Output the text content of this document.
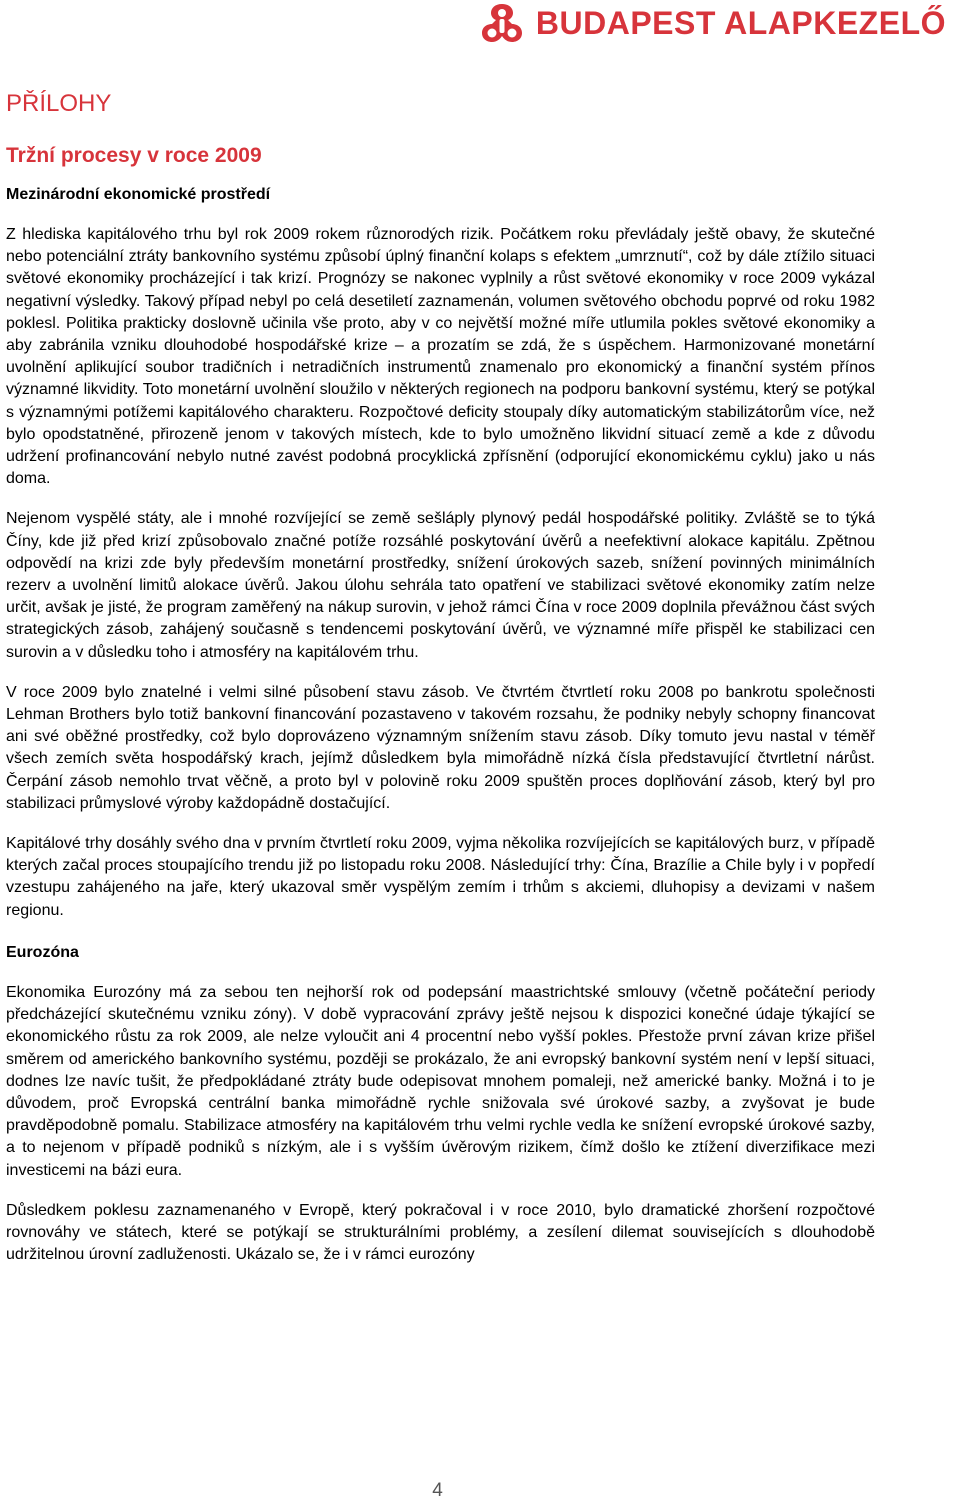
BUDAPEST ALAPKEZELŐ
PŘÍLOHY
Tržní procesy v roce 2009
Mezinárodní ekonomické prostředí

Z hlediska kapitálového trhu byl rok 2009 rokem různorodých rizik. Počátkem roku převládaly ještě obavy, že skutečné nebo potenciální ztráty bankovního systému způsobí úplný finanční kolaps s efektem „umrznutí“, což by dále ztížilo situaci světové ekonomiky procházející i tak krizí. Prognózy se nakonec vyplnily a růst světové ekonomiky v roce 2009 vykázal negativní výsledky. Takový případ nebyl po celá desetiletí zaznamenán, volumen světového obchodu poprvé od roku 1982 poklesl. Politika prakticky doslovně učinila vše proto, aby v co největší možné míře utlumila pokles světové ekonomiky a aby zabránila vzniku dlouhodobé hospodářské krize – a prozatím se zdá, že s úspěchem. Harmonizované monetární uvolnění aplikující soubor tradičních i netradičních instrumentů znamenalo pro ekonomický a finanční systém přínos významné likvidity. Toto monetární uvolnění sloužilo v některých regionech na podporu bankovní systému, který se potýkal s významnými potížemi kapitálového charakteru. Rozpočtové deficity stoupaly díky automatickým stabilizátorům více, než bylo opodstatněné, přirozeně jenom v takových místech, kde to bylo umožněno likvidní situací země a kde z důvodu udržení profinancování nebylo nutné zavést podobná procyklická zpřísnění (odporující ekonomickému cyklu) jako u nás doma.

Nejenom vyspělé státy, ale i mnohé rozvíjející se země sešláply plynový pedál hospodářské politiky. Zvláště se to týká Číny, kde již před krizí způsobovalo značné potíže rozsáhlé poskytování úvěrů a neefektivní alokace kapitálu. Zpětnou odpovědí na krizi zde byly především monetární prostředky, snížení úrokových sazeb, snížení povinných minimálních rezerv a uvolnění limitů alokace úvěrů. Jakou úlohu sehrála tato opatření ve stabilizaci světové ekonomiky zatím nelze určit, avšak je jisté, že program zaměřený na nákup surovin, v jehož rámci Čína v roce 2009 doplnila převážnou část svých strategických zásob, zahájený současně s tendencemi poskytování úvěrů, ve významné míře přispěl ke stabilizaci cen surovin a v důsledku toho i atmosféry na kapitálovém trhu.

V roce 2009 bylo znatelné i velmi silné působení stavu zásob. Ve čtvrtém čtvrtletí roku 2008 po bankrotu společnosti Lehman Brothers bylo totiž bankovní financování pozastaveno v takovém rozsahu, že podniky nebyly schopny financovat ani své oběžné prostředky, což bylo doprovázeno významným snížením stavu zásob. Díky tomuto jevu nastal v téměř všech zemích světa hospodářský krach, jejímž důsledkem byla mimořádně nízká čísla představující čtvrtletní nárůst. Čerpání zásob nemohlo trvat věčně, a proto byl v polovině roku 2009 spuštěn proces doplňování zásob, který byl pro stabilizaci průmyslové výroby každopádně dostačující.

Kapitálové trhy dosáhly svého dna v prvním čtvrtletí roku 2009, vyjma několika rozvíjejících se kapitálových burz, v případě kterých začal proces stoupajícího trendu již po listopadu roku 2008. Následující trhy: Čína, Brazílie a Chile byly i v popředí vzestupu zahájeného na jaře, který ukazoval směr vyspělým zemím i trhům s akciemi, dluhopisy a devizami v našem regionu.

Eurozóna

Ekonomika Eurozóny má za sebou ten nejhorší rok od podepsání maastrichtské smlouvy (včetně počáteční periody předcházející skutečnému vzniku zóny). V době vypracování zprávy ještě nejsou k dispozici konečné údaje týkající se ekonomického růstu za rok 2009, ale nelze vyloučit ani 4 procentní nebo vyšší pokles. Přestože první závan krize přišel směrem od amerického bankovního systému, později se prokázalo, že ani evropský bankovní systém není v lepší situaci, dodnes lze navíc tušit, že předpokládané ztráty bude odepisovat mnohem pomaleji, než americké banky. Možná i to je důvodem, proč Evropská centrální banka mimořádně rychle snižovala své úrokové sazby, a zvyšovat je bude pravděpodobně pomalu. Stabilizace atmosféry na kapitálovém trhu velmi rychle vedla ke snížení evropské úrokové sazby, a to nejenom v případě podniků s nízkým, ale i s vyšším úvěrovým rizikem, čímž došlo ke ztížení diverzifikace mezi investicemi na bázi eura.

Důsledkem poklesu zaznamenaného v Evropě, který pokračoval i v roce 2010, bylo dramatické zhoršení rozpočtové rovnováhy ve státech, které se potýkají se strukturálními problémy, a zesílení dilemat souvisejících s dlouhodobě udržitelnou úrovní zadluženosti. Ukázalo se, že i v rámci eurozóny

4
